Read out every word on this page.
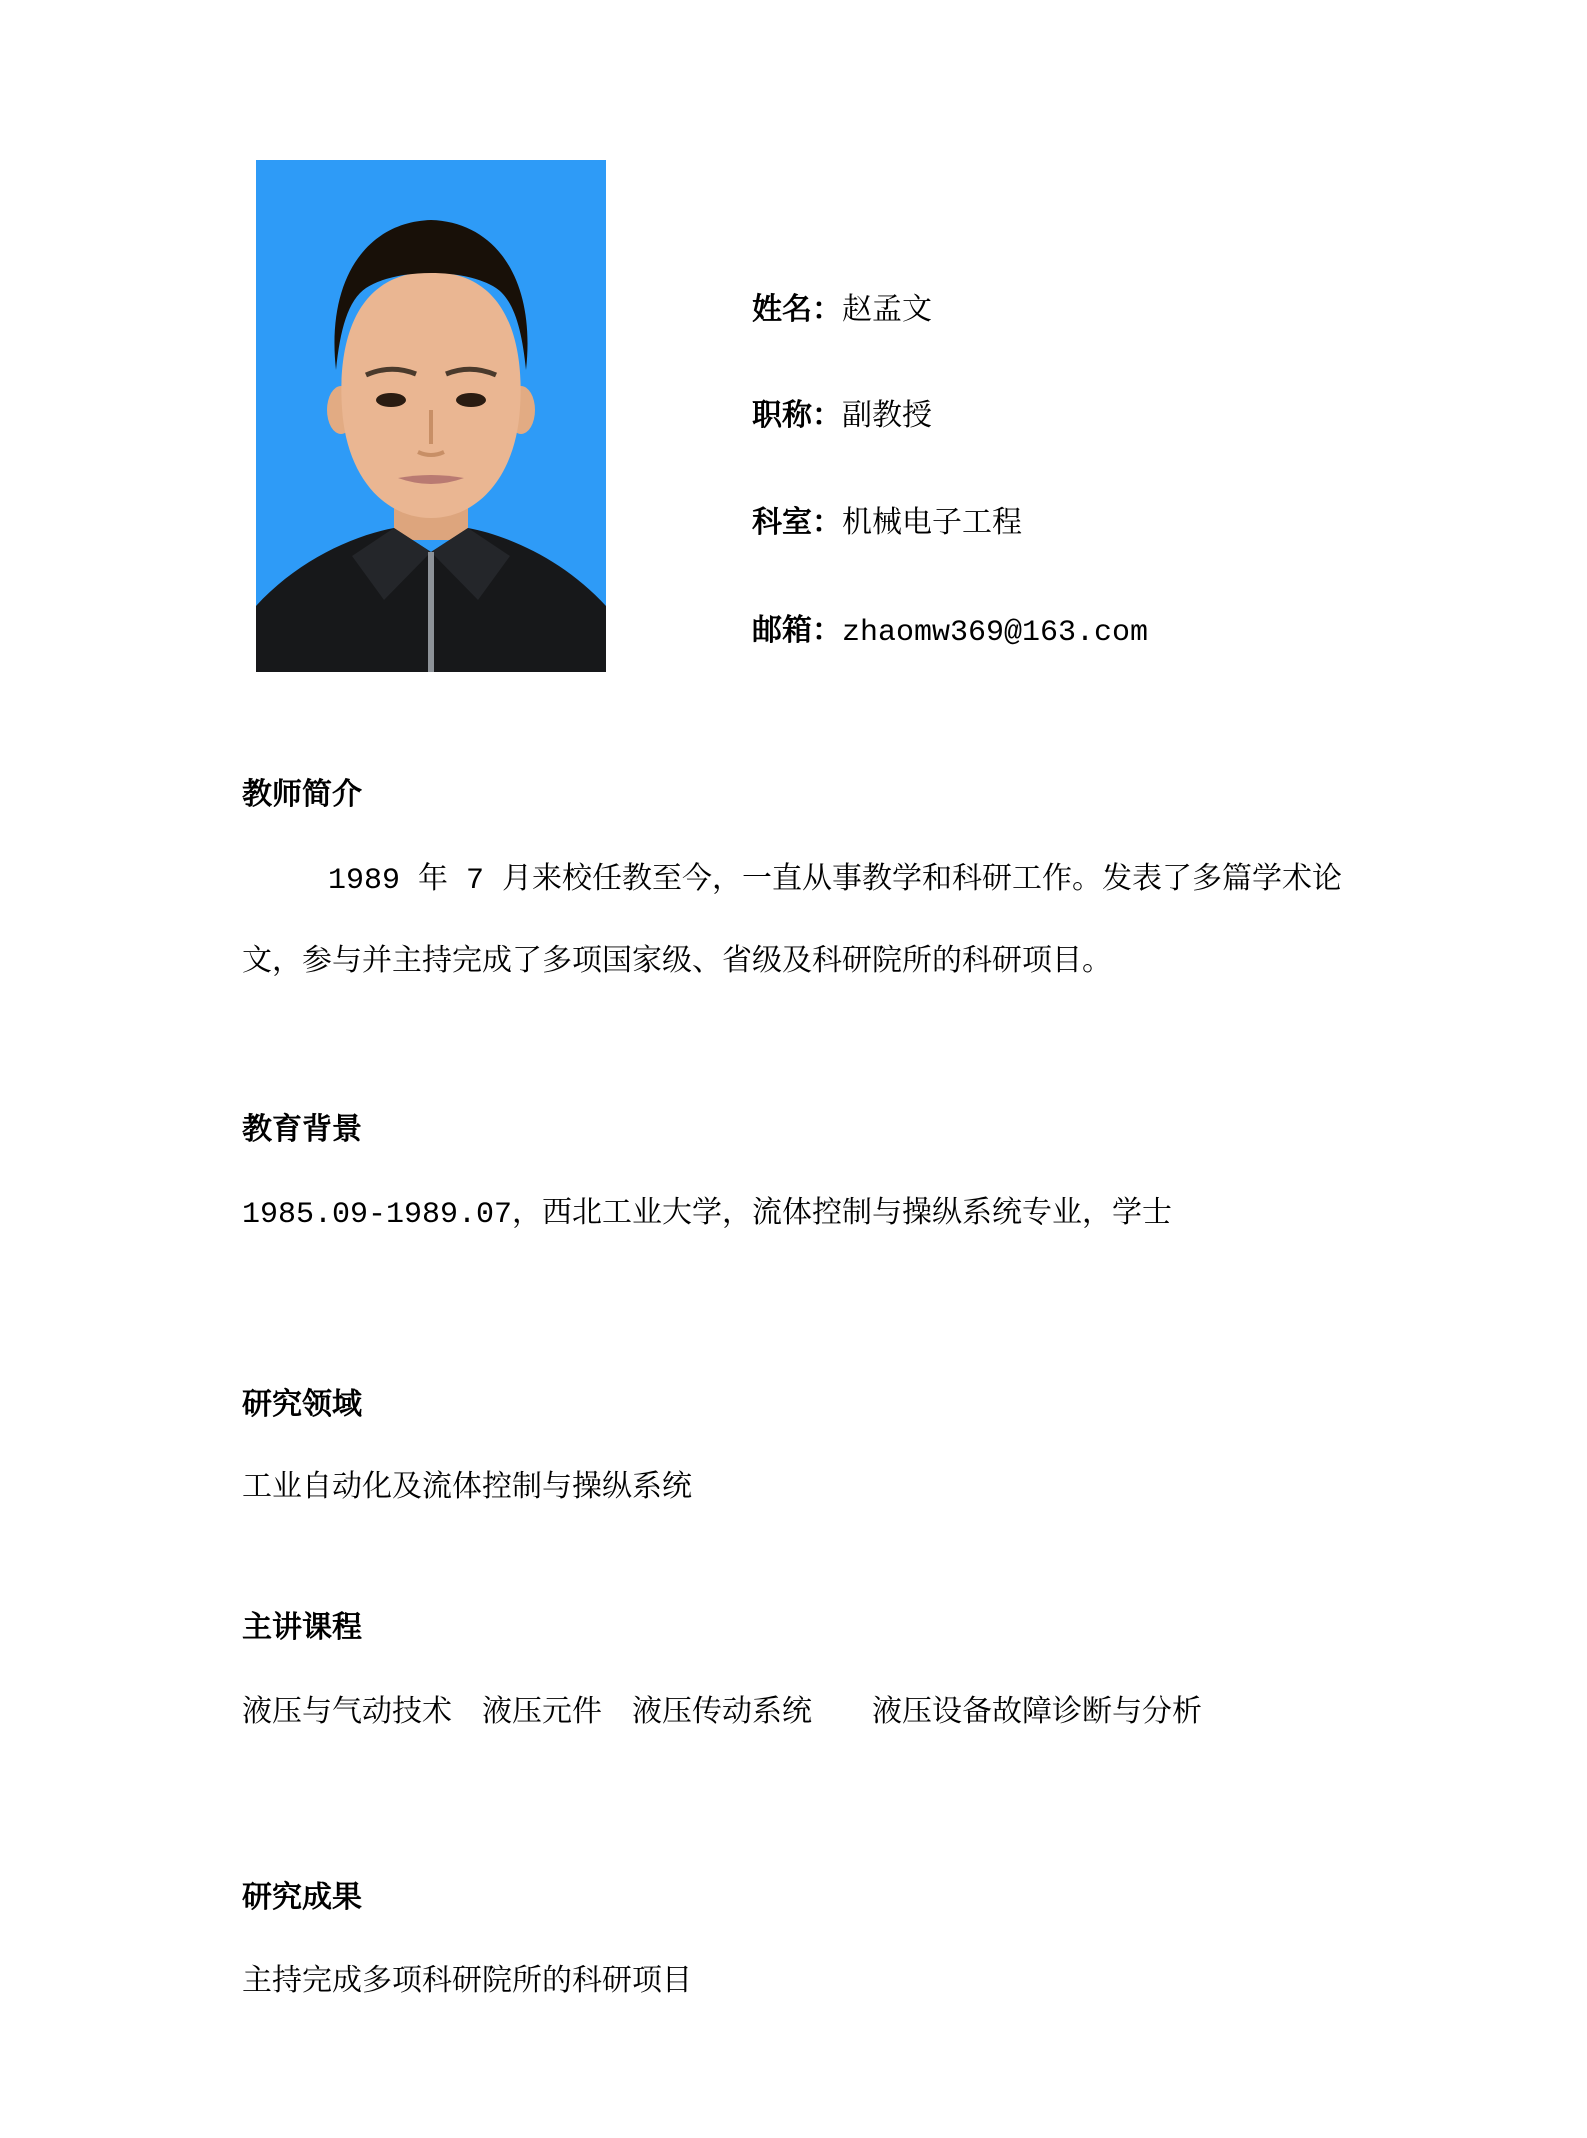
姓名：赵孟文
职称：副教授
科室：机械电子工程
邮箱：zhaomw369@163.com
教师简介
1989 年 7 月来校任教至今，一直从事教学和科研工作。发表了多篇学术论
文，参与并主持完成了多项国家级、省级及科研院所的科研项目。
教育背景
1985.09-1989.07，西北工业大学，流体控制与操纵系统专业，学士
研究领域
工业自动化及流体控制与操纵系统
主讲课程
液压与气动技术　液压元件　液压传动系统　　液压设备故障诊断与分析
研究成果
主持完成多项科研院所的科研项目
